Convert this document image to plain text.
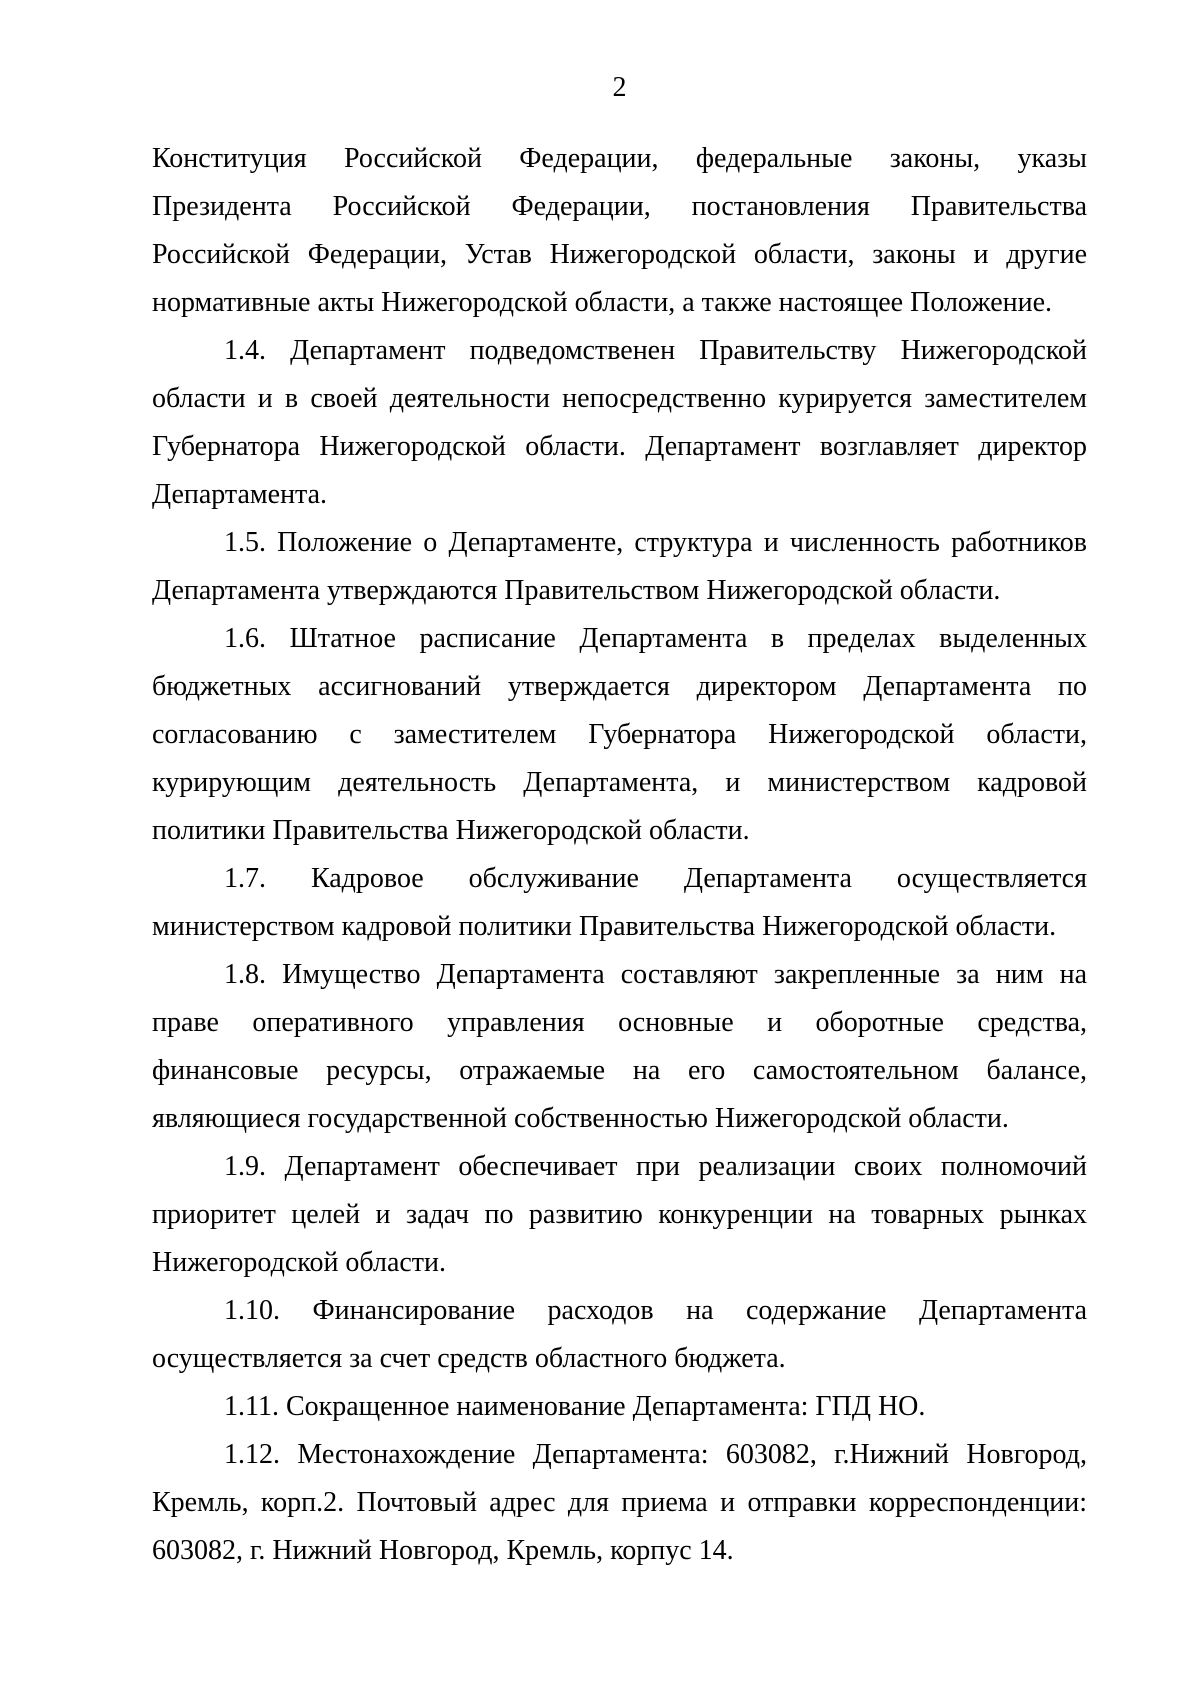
2
Конституция Российской Федерации, федеральные законы, указы
Президента Российской Федерации, постановления Правительства
Российской Федерации, Устав Нижегородской области, законы и другие
нормативные акты Нижегородской области, а также настоящее Положение.
1.4. Департамент подведомственен Правительству Нижегородской
области и в своей деятельности непосредственно курируется заместителем
Губернатора Нижегородской области. Департамент возглавляет директор
Департамента.
1.5. Положение о Департаменте, структура и численность работников
Департамента утверждаются Правительством Нижегородской области.
1.6. Штатное расписание Департамента в пределах выделенных
бюджетных ассигнований утверждается директором Департамента по
согласованию с заместителем Губернатора Нижегородской области,
курирующим деятельность Департамента, и министерством кадровой
политики Правительства Нижегородской области.
1.7. Кадровое обслуживание Департамента осуществляется
министерством кадровой политики Правительства Нижегородской области.
1.8. Имущество Департамента составляют закрепленные за ним на
праве оперативного управления основные и оборотные средства,
финансовые ресурсы, отражаемые на его самостоятельном балансе,
являющиеся государственной собственностью Нижегородской области.
1.9. Департамент обеспечивает при реализации своих полномочий
приоритет целей и задач по развитию конкуренции на товарных рынках
Нижегородской области.
1.10. Финансирование расходов на содержание Департамента
осуществляется за счет средств областного бюджета.
1.11. Сокращенное наименование Департамента: ГПД НО.
1.12. Местонахождение Департамента: 603082, г.Нижний Новгород,
Кремль, корп.2. Почтовый адрес для приема и отправки корреспонденции:
603082, г. Нижний Новгород, Кремль, корпус 14.
